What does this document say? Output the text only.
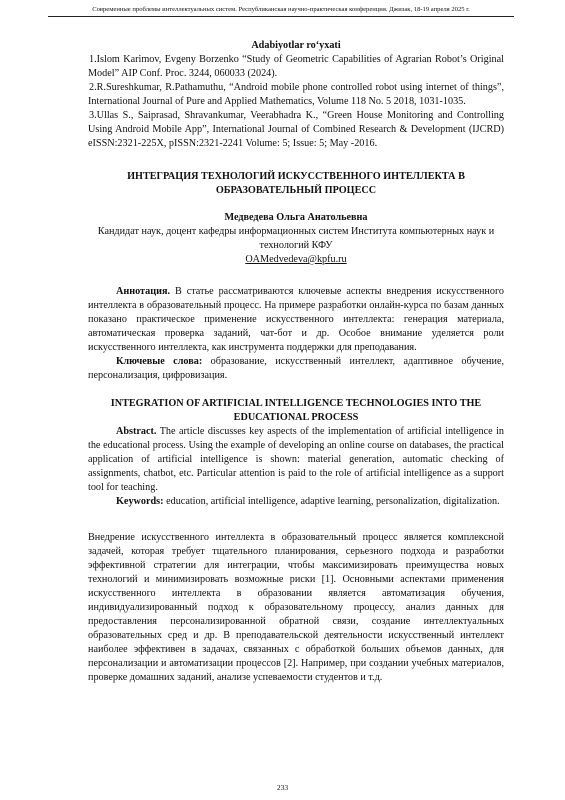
Современные проблемы интеллектуальных систем. Республиканская научно-практическая конференция. Джизак, 18-19 апреля 2025 г.

Adabiyotlar ro‘yxati

1.Islom Karimov, Evgeny Borzenko “Study of Geometric Capabilities of Agrarian Robot’s Original Model” AIP Conf. Proc. 3244, 060033 (2024).

2.R.Sureshkumar, R.Pathamuthu, “Android mobile phone controlled robot using internet of things”, International Journal of Pure and Applied Mathematics, Volume 118 No. 5 2018, 1031-1035.

3.Ullas S., Saiprasad, Shravankumar, Veerabhadra K., “Green House Monitoring and Controlling Using Android Mobile App”, International Journal of Combined Research & Development (IJCRD) eISSN:2321-225X, pISSN:2321-2241 Volume: 5; Issue: 5; May -2016.

ИНТЕГРАЦИЯ ТЕХНОЛОГИЙ ИСКУССТВЕННОГО ИНТЕЛЛЕКТА В ОБРАЗОВАТЕЛЬНЫЙ ПРОЦЕСС

Медведева Ольга Анатольевна

Кандидат наук, доцент кафедры информационных систем Института компьютерных наук и технологий КФУ

OAMedvedeva@kpfu.ru

Аннотация. В статье рассматриваются ключевые аспекты внедрения искусственного интеллекта в образовательный процесс. На примере разработки онлайн-курса по базам данных показано практическое применение искусственного интеллекта: генерация материала, автоматическая проверка заданий, чат-бот и др. Особое внимание уделяется роли искусственного интеллекта, как инструмента поддержки для преподавания.

Ключевые слова: образование, искусственный интеллект, адаптивное обучение, персонализация, цифровизация.

INTEGRATION OF ARTIFICIAL INTELLIGENCE TECHNOLOGIES INTO THE EDUCATIONAL PROCESS

Abstract. The article discusses key aspects of the implementation of artificial intelligence in the educational process. Using the example of developing an online course on databases, the practical application of artificial intelligence is shown: material generation, automatic checking of assignments, chatbot, etc. Particular attention is paid to the role of artificial intelligence as a support tool for teaching.

Keywords: education, artificial intelligence, adaptive learning, personalization, digitalization.

Внедрение искусственного интеллекта в образовательный процесс является комплексной задачей, которая требует тщательного планирования, серьезного подхода и разработки эффективной стратегии для интеграции, чтобы максимизировать преимущества новых технологий и минимизировать возможные риски [1]. Основными аспектами применения искусственного интеллекта в образовании является автоматизация обучения, индивидуализированный подход к образовательному процессу, анализ данных для предоставления персонализированной обратной связи, создание интеллектуальных образовательных сред и др. В преподавательской деятельности искусственный интеллект наиболее эффективен в задачах, связанных с обработкой больших объемов данных, для персонализации и автоматизации процессов [2]. Например, при создании учебных материалов, проверке домашних заданий, анализе успеваемости студентов и т.д.

233
